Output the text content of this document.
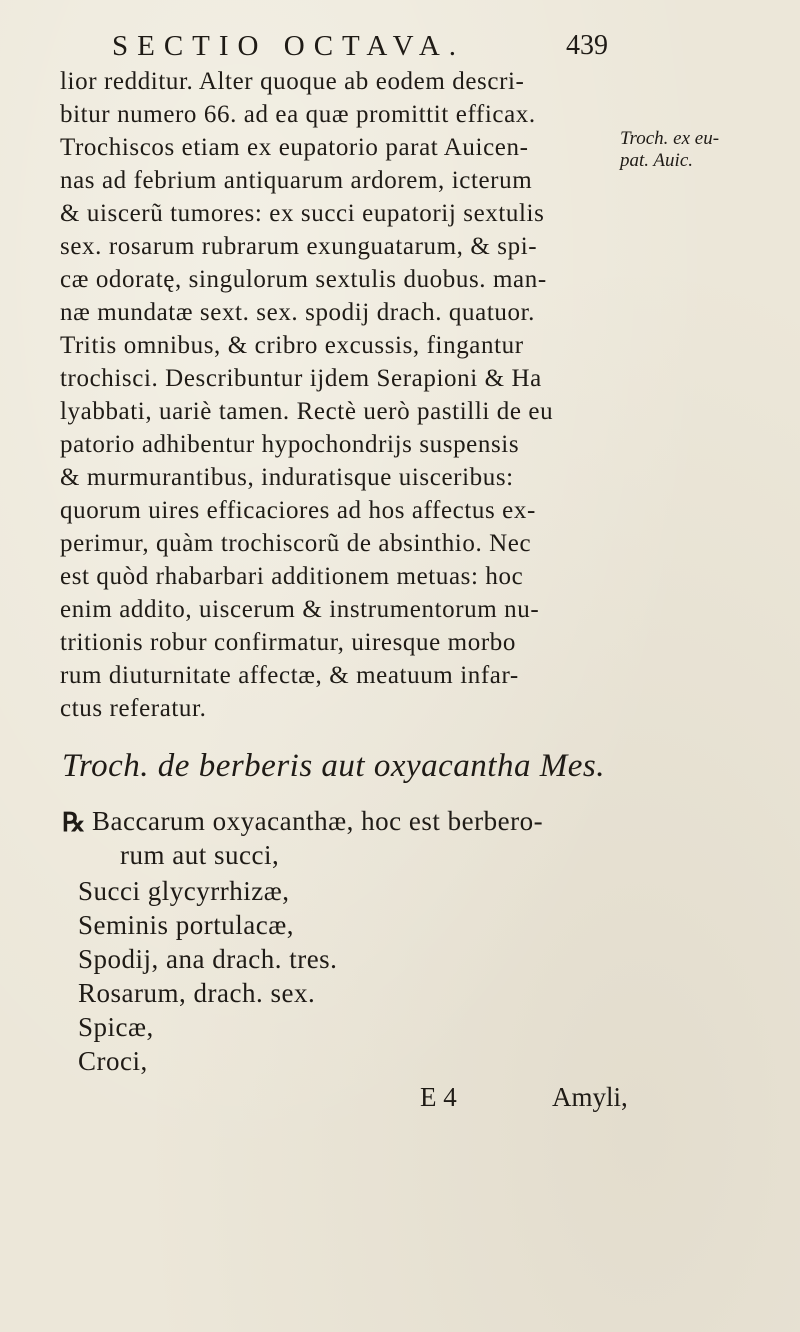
SECTIO OCTAVA.	439
lior redditur. Alter quoque ab eodem descri-
bitur numero 66. ad ea quæ promittit efficax.
Trochiscos etiam ex eupatorio parat Auicen-
nas ad febrium antiquarum ardorem, icterum
& uiscerũ tumores: ex succi eupatorij sextulis
sex. rosarum rubrarum exunguatarum, & spi-
cæ odoratę, singulorum sextulis duobus. man-
næ mundatæ sext. sex. spodij drach. quatuor.
Tritis omnibus, & cribro excussis, fingantur
trochisci. Describuntur ijdem Serapioni & Ha
lyabbati, uariè tamen. Rectè uerò pastilli de eu
patorio adhibentur hypochondrijs suspensis
& murmurantibus, induratisque uisceribus:
quorum uires efficaciores ad hos affectus ex-
perimur, quàm trochiscorũ de absinthio. Nec
est quòd rhabarbari additionem metuas: hoc
enim addito, uiscerum & instrumentorum nu-
tritionis robur confirmatur, uiresque morbo
rum diuturnitate affectæ, & meatuum infar-
ctus referatur.
Troch. ex eu-
pat. Auic.
Troch. de berberis aut oxyacantha Mes.
℞ Baccarum oxyacanthæ, hoc est berbero-
rum aut succi,
Succi glycyrrhizæ,
Seminis portulacæ,
Spodij, ana drach. tres.
Rosarum, drach. sex.
Spicæ,
Croci,
E 4	Amyli,
